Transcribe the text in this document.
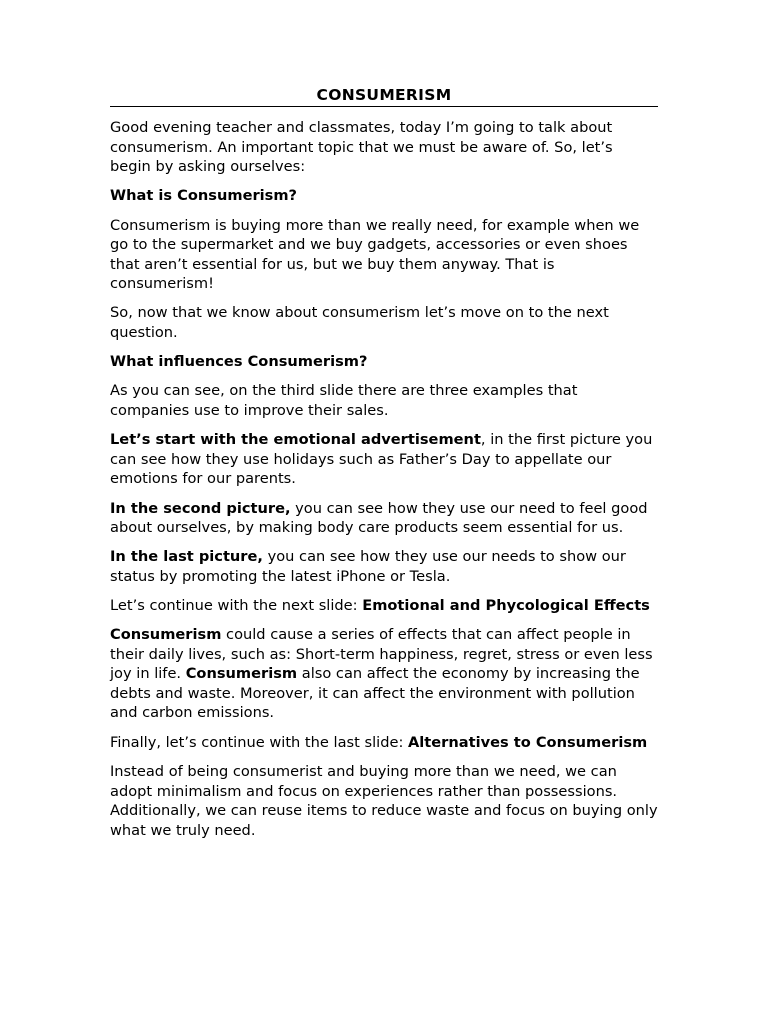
CONSUMERISM

Good evening teacher and classmates, today I’m going to talk about consumerism. An important topic that we must be aware of. So, let’s begin by asking ourselves:

What is Consumerism?

Consumerism is buying more than we really need, for example when we go to the supermarket and we buy gadgets, accessories or even shoes that aren’t essential for us, but we buy them anyway. That is consumerism!

So, now that we know about consumerism let’s move on to the next question.

What influences Consumerism?

As you can see, on the third slide there are three examples that companies use to improve their sales.

Let’s start with the emotional advertisement, in the first picture you can see how they use holidays such as Father’s Day to appellate our emotions for our parents.

In the second picture, you can see how they use our need to feel good about ourselves, by making body care products seem essential for us.

In the last picture, you can see how they use our needs to show our status by promoting the latest iPhone or Tesla.

Let’s continue with the next slide: Emotional and Phycological Effects

Consumerism could cause a series of effects that can affect people in their daily lives, such as: Short-term happiness, regret, stress or even less joy in life. Consumerism also can affect the economy by increasing the debts and waste. Moreover, it can affect the environment with pollution and carbon emissions.

Finally, let’s continue with the last slide: Alternatives to Consumerism

Instead of being consumerist and buying more than we need, we can adopt minimalism and focus on experiences rather than possessions. Additionally, we can reuse items to reduce waste and focus on buying only what we truly need.
